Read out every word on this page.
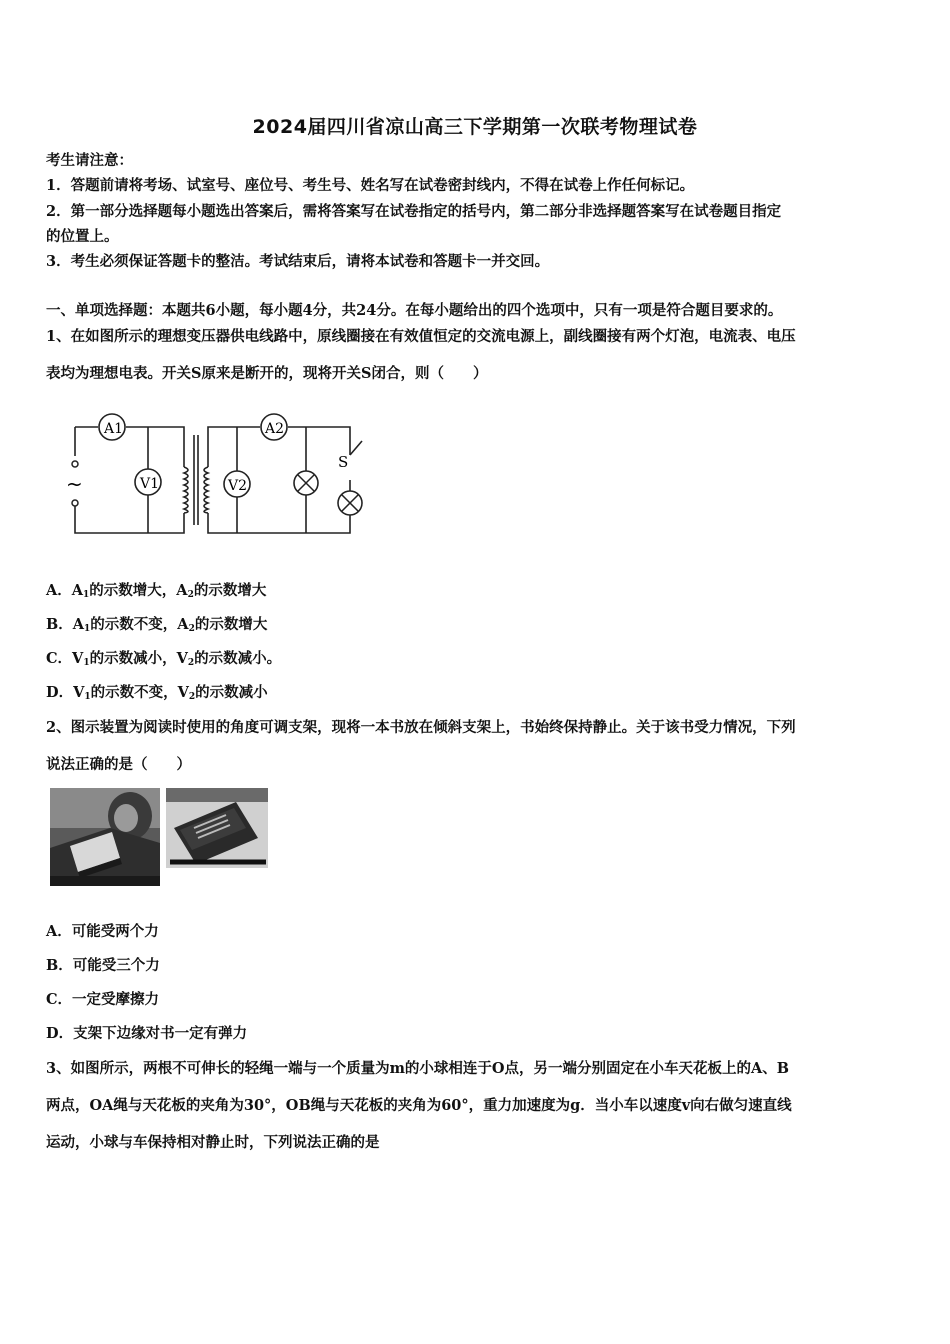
2024届四川省凉山高三下学期第一次联考物理试卷
考生请注意：
1．答题前请将考场、试室号、座位号、考生号、姓名写在试卷密封线内，不得在试卷上作任何标记。
2．第一部分选择题每小题选出答案后，需将答案写在试卷指定的括号内，第二部分非选择题答案写在试卷题目指定
的位置上。
3．考生必须保证答题卡的整洁。考试结束后，请将本试卷和答题卡一并交回。
一、单项选择题：本题共6小题，每小题4分，共24分。在每小题给出的四个选项中，只有一项是符合题目要求的。
1、在如图所示的理想变压器供电线路中，原线圈接在有效值恒定的交流电源上，副线圈接有两个灯泡，电流表、电压
表均为理想电表。开关S原来是断开的，现将开关S闭合，则（　　）
~
A1
V1
A2
V2
S
A．$A_1$的示数增大，$A_2$的示数增大
B．$A_1$的示数不变，$A_2$的示数增大
C．$V_1$的示数减小，$V_2$的示数减小。
D．$V_1$的示数不变，$V_2$的示数减小
2、图示装置为阅读时使用的角度可调支架，现将一本书放在倾斜支架上，书始终保持静止。关于该书受力情况，下列
说法正确的是（　　）
A．可能受两个力
B．可能受三个力
C．一定受摩擦力
D．支架下边缘对书一定有弹力
3、如图所示，两根不可伸长的轻绳一端与一个质量为m的小球相连于O点，另一端分别固定在小车天花板上的A、B
两点，OA绳与天花板的夹角为30°，OB绳与天花板的夹角为60°，重力加速度为g．当小车以速度v向右做匀速直线
运动，小球与车保持相对静止时，下列说法正确的是
